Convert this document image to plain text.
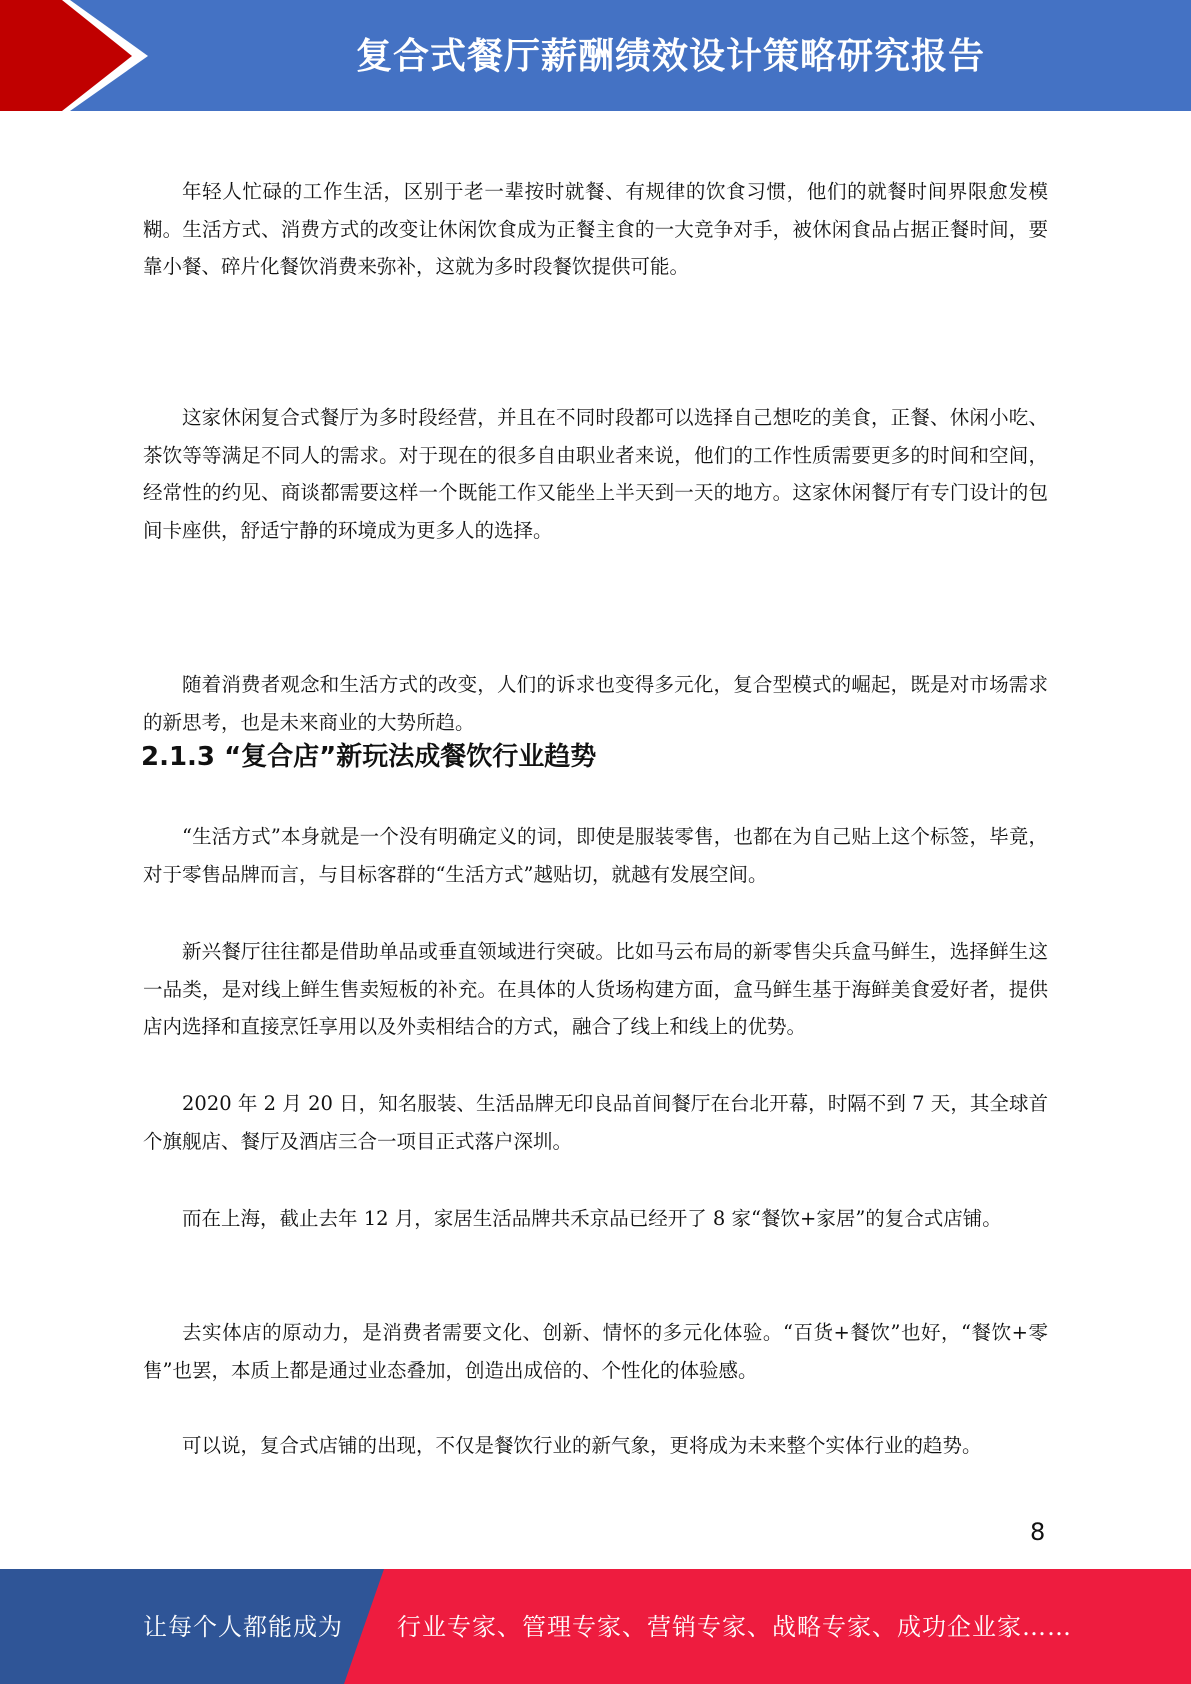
复合式餐厅薪酬绩效设计策略研究报告

年轻人忙碌的工作生活，区别于老一辈按时就餐、有规律的饮食习惯，他们的就餐时间界限愈发模糊。生活方式、消费方式的改变让休闲饮食成为正餐主食的一大竞争对手，被休闲食品占据正餐时间，要靠小餐、碎片化餐饮消费来弥补，这就为多时段餐饮提供可能。

这家休闲复合式餐厅为多时段经营，并且在不同时段都可以选择自己想吃的美食，正餐、休闲小吃、茶饮等等满足不同人的需求。对于现在的很多自由职业者来说，他们的工作性质需要更多的时间和空间，经常性的约见、商谈都需要这样一个既能工作又能坐上半天到一天的地方。这家休闲餐厅有专门设计的包间卡座供，舒适宁静的环境成为更多人的选择。

随着消费者观念和生活方式的改变，人们的诉求也变得多元化，复合型模式的崛起，既是对市场需求的新思考，也是未来商业的大势所趋。

2.1.3 “复合店”新玩法成餐饮行业趋势

“生活方式”本身就是一个没有明确定义的词，即使是服装零售，也都在为自己贴上这个标签，毕竟，对于零售品牌而言，与目标客群的“生活方式”越贴切，就越有发展空间。

新兴餐厅往往都是借助单品或垂直领域进行突破。比如马云布局的新零售尖兵盒马鲜生，选择鲜生这一品类，是对线上鲜生售卖短板的补充。在具体的人货场构建方面，盒马鲜生基于海鲜美食爱好者，提供店内选择和直接烹饪享用以及外卖相结合的方式，融合了线上和线上的优势。

2020 年 2 月 20 日，知名服装、生活品牌无印良品首间餐厅在台北开幕，时隔不到 7 天，其全球首个旗舰店、餐厅及酒店三合一项目正式落户深圳。

而在上海，截止去年 12 月，家居生活品牌共禾京品已经开了 8 家“餐饮+家居”的复合式店铺。

去实体店的原动力，是消费者需要文化、创新、情怀的多元化体验。“百货+餐饮”也好，“餐饮+零售”也罢，本质上都是通过业态叠加，创造出成倍的、个性化的体验感。

可以说，复合式店铺的出现，不仅是餐饮行业的新气象，更将成为未来整个实体行业的趋势。

8
让每个人都能成为 行业专家、管理专家、营销专家、战略专家、成功企业家……
